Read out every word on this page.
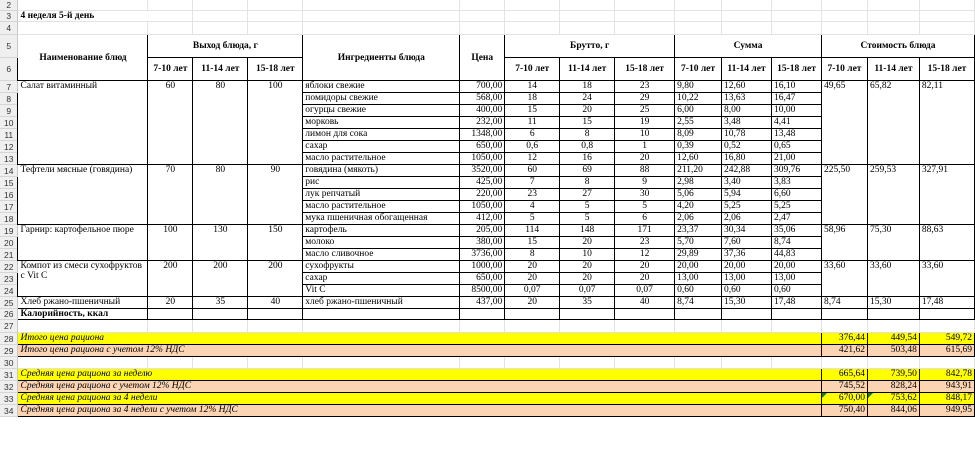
2															
3	4 неделя 5-й день														
4															
5	Наименование блюд	Выход блюда, г			Ингредиенты блюда	Цена	Брутто, г			Сумма			Стоимость блюда		
6		7-10 лет	11-14 лет	15-18 лет			7-10 лет	11-14 лет	15-18 лет	7-10 лет	11-14 лет	15-18 лет	7-10 лет	11-14 лет	15-18 лет
7	Салат витаминный	60	80	100	яблоки свежие	700,00	14	18	23	9,80	12,60	16,10	49,65	65,82	82,11
8					помидоры свежие	568,00	18	24	29	10,22	13,63	16,47			
9					огурцы свежие	400,00	15	20	25	6,00	8,00	10,00			
10					морковь	232,00	11	15	19	2,55	3,48	4,41			
11					лимон для сока	1348,00	6	8	10	8,09	10,78	13,48			
12					сахар	650,00	0,6	0,8	1	0,39	0,52	0,65			
13					масло растительное	1050,00	12	16	20	12,60	16,80	21,00			
14	Тефтели мясные (говядина)	70	80	90	говядина (мякоть)	3520,00	60	69	88	211,20	242,88	309,76	225,50	259,53	327,91
15					рис	425,00	7	8	9	2,98	3,40	3,83			
16					лук репчатый	220,00	23	27	30	5,06	5,94	6,60			
17					масло растительное	1050,00	4	5	5	4,20	5,25	5,25			
18					мука пшеничная обогащенная	412,00	5	5	6	2,06	2,06	2,47			
19	Гарнир: картофельное пюре	100	130	150	картофель	205,00	114	148	171	23,37	30,34	35,06	58,96	75,30	88,63
20					молоко	380,00	15	20	23	5,70	7,60	8,74			
21					масло сливочное	3736,00	8	10	12	29,89	37,36	44,83			
22	Компот из смеси сухофруктов с Vit C	200	200	200	сухофрукты	1000,00	20	20	20	20,00	20,00	20,00	33,60	33,60	33,60
23					сахар	650,00	20	20	20	13,00	13,00	13,00			
24					Vit C	8500,00	0,07	0,07	0,07	0,60	0,60	0,60			
25	Хлеб ржано-пшеничный	20	35	40	хлеб ржано-пшеничный	437,00	20	35	40	8,74	15,30	17,48	8,74	15,30	17,48
26	Калорийность, ккал														
27															
28	Итого цена рациона												376,44	449,54	549,72
29	Итого цена рациона с учетом 12% НДС												421,62	503,48	615,69
30															
31	Средняя цена рациона за неделю												665,64	739,50	842,78
32	Средняя цена рациона с учетом 12% НДС												745,52	828,24	943,91
33	Средняя цена рациона за 4 недели												670,00	753,62	848,17
34	Средняя цена рациона за 4 недели с учетом 12% НДС												750,40	844,06	949,95
